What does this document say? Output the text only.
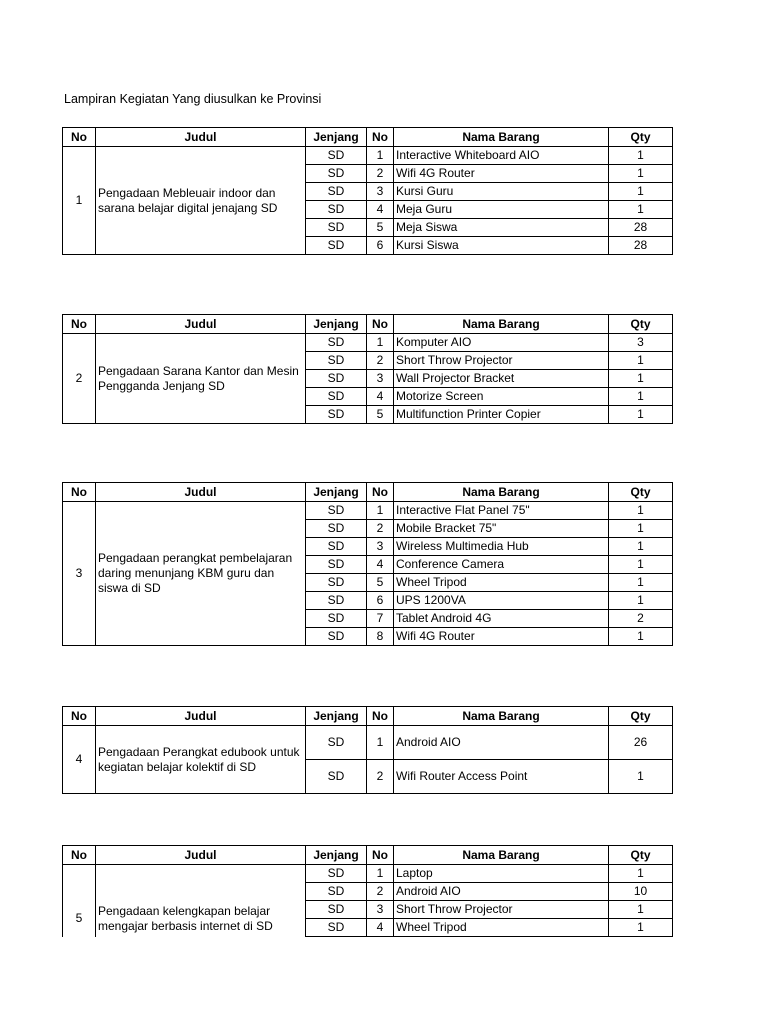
Lampiran Kegiatan Yang diusulkan ke Provinsi
No	Judul	Jenjang	No	Nama Barang	Qty
1	Pengadaan Mebleuair indoor dan sarana belajar digital jenajang SD	SD	1	Interactive Whiteboard AIO	1
		SD	2	Wifi 4G Router	1
		SD	3	Kursi Guru	1
		SD	4	Meja Guru	1
		SD	5	Meja Siswa	28
		SD	6	Kursi Siswa	28
No	Judul	Jenjang	No	Nama Barang	Qty
2	Pengadaan Sarana Kantor dan Mesin Pengganda Jenjang SD	SD	1	Komputer AIO	3
		SD	2	Short Throw Projector	1
		SD	3	Wall Projector Bracket	1
		SD	4	Motorize Screen	1
		SD	5	Multifunction Printer Copier	1
No	Judul	Jenjang	No	Nama Barang	Qty
3	Pengadaan perangkat pembelajaran daring menunjang KBM guru dan siswa di SD	SD	1	Interactive Flat Panel 75"	1
		SD	2	Mobile Bracket 75"	1
		SD	3	Wireless Multimedia Hub	1
		SD	4	Conference Camera	1
		SD	5	Wheel Tripod	1
		SD	6	UPS 1200VA	1
		SD	7	Tablet Android 4G	2
		SD	8	Wifi 4G Router	1
No	Judul	Jenjang	No	Nama Barang	Qty
4	Pengadaan Perangkat edubook untuk kegiatan belajar kolektif di SD	SD	1	Android AIO	26
		SD	2	Wifi Router Access Point	1
No	Judul	Jenjang	No	Nama Barang	Qty
5	Pengadaan kelengkapan belajar mengajar berbasis internet di SD	SD	1	Laptop	1
		SD	2	Android AIO	10
		SD	3	Short Throw Projector	1
		SD	4	Wheel Tripod	1
